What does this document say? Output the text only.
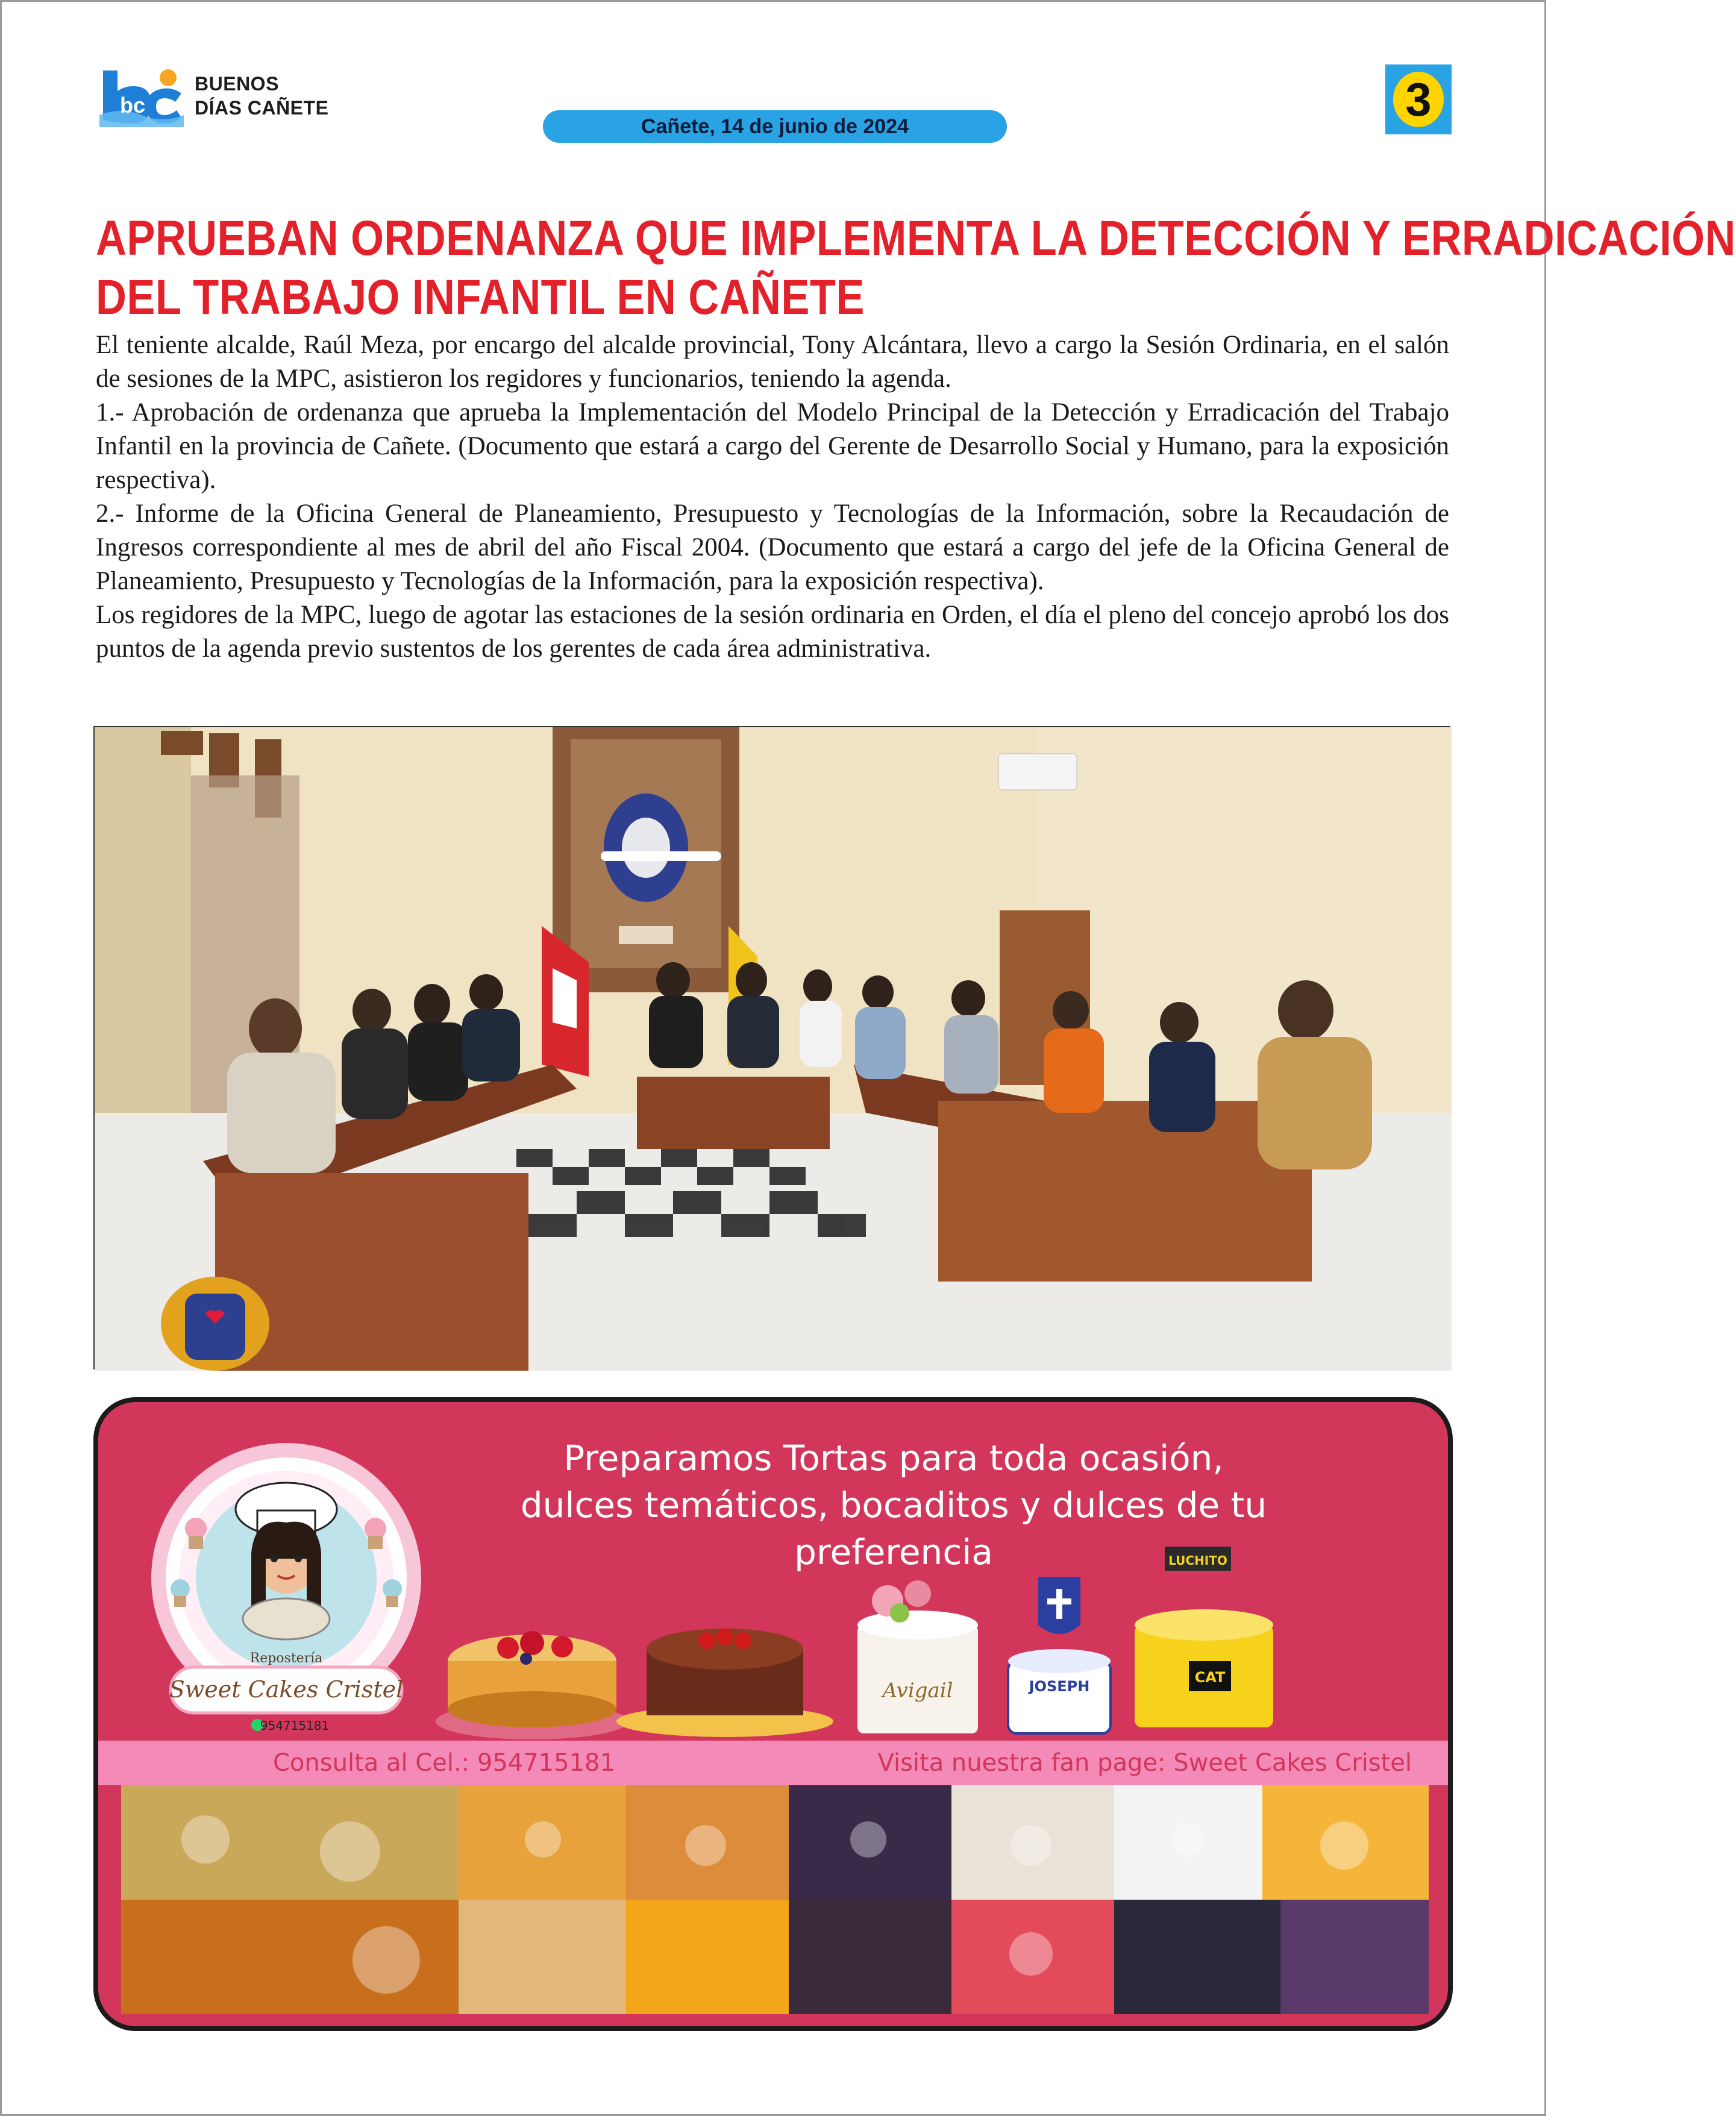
bc
BUENOS
DÍAS CAÑETE
Cañete, 14 de junio de 2024
3
APRUEBAN ORDENANZA QUE IMPLEMENTA LA DETECCIÓN Y ERRADICACIÓN
DEL TRABAJO INFANTIL EN CAÑETE

El teniente alcalde, Raúl Meza, por encargo del alcalde provincial, Tony Alcántara, llevo a cargo la Sesión Ordinaria, en el salón de sesiones de la MPC, asistieron los regidores y funcionarios, teniendo la agenda.

1.- Aprobación de ordenanza que aprueba la Implementación del Modelo Principal de la Detección y Erradicación del Trabajo Infantil en la provincia de Cañete. (Documento que estará a cargo del Gerente de Desarrollo Social y Humano, para la exposición respectiva).

2.- Informe de la Oficina General de Planeamiento, Presupuesto y Tecnologías de la Información, sobre la Recaudación de Ingresos correspondiente al mes de abril del año Fiscal 2004. (Documento que estará a cargo del jefe de la Oficina General de Planeamiento, Presupuesto y Tecnologías de la Información, para la exposición respectiva).

Los regidores de la MPC, luego de agotar las estaciones de la sesión ordinaria en Orden, el día el pleno del concejo aprobó los dos puntos de la agenda previo sustentos de los gerentes de cada área administrativa.

Repostería
Sweet Cakes Cristel
954715181
Preparamos Tortas para toda ocasión,
dulces temáticos, bocaditos y dulces de tu preferencia
Avigail	JOSEPH
LUCHITO
CAT
Consulta al Cel.: 954715181	Visita nuestra fan page: Sweet Cakes Cristel
